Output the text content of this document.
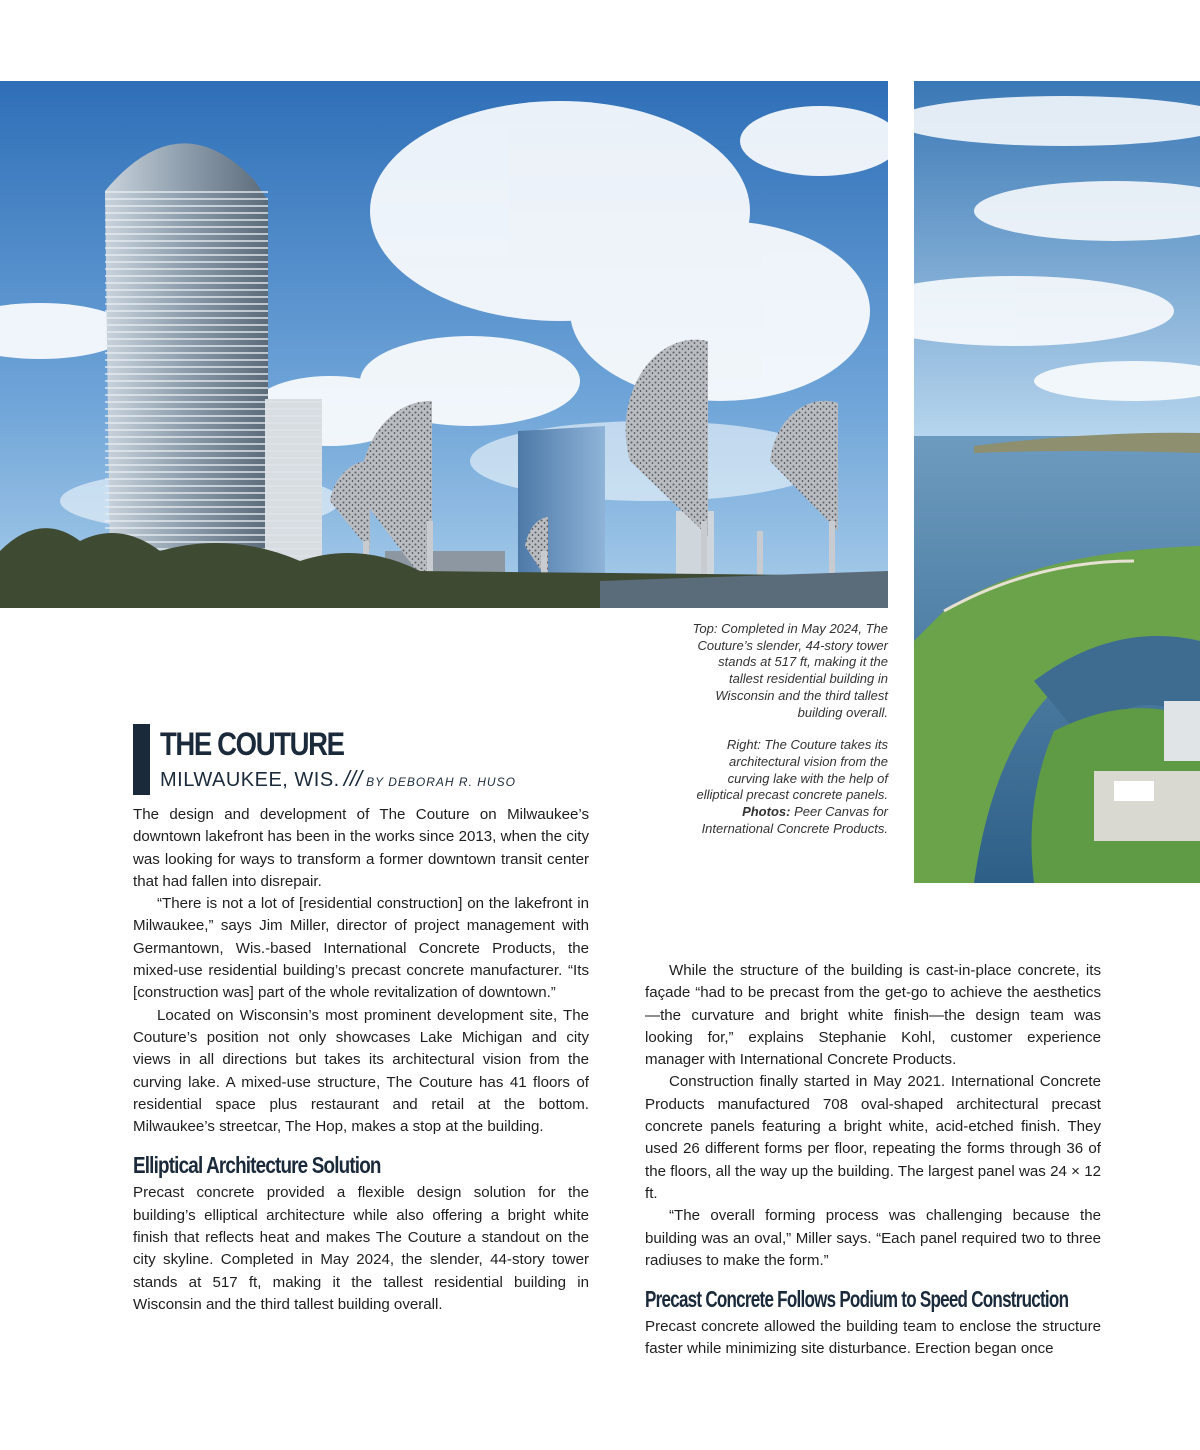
Top: Completed in May 2024, The Couture’s slender, 44-story tower stands at 517 ft, making it the tallest residential building in Wisconsin and the third tallest building overall.

Right: The Couture takes its architectural vision from the curving lake with the help of elliptical precast concrete panels. Photos: Peer Canvas for International Concrete Products.

THE COUTURE
MILWAUKEE, WIS. /// BY DEBORAH R. HUSO

The design and development of The Couture on Milwaukee’s downtown lakefront has been in the works since 2013, when the city was looking for ways to transform a former downtown transit center that had fallen into disrepair.

“There is not a lot of [residential construction] on the lakefront in Milwaukee,” says Jim Miller, director of project management with Germantown, Wis.-based International Concrete Products, the mixed-use residential building’s precast concrete manufacturer. “Its [construction was] part of the whole revitalization of downtown.”

Located on Wisconsin’s most prominent development site, The Couture’s position not only showcases Lake Michigan and city views in all directions but takes its architectural vision from the curving lake. A mixed-use structure, The Couture has 41 floors of residential space plus restaurant and retail at the bottom. Milwaukee’s streetcar, The Hop, makes a stop at the building.

Elliptical Architecture Solution

Precast concrete provided a flexible design solution for the building’s elliptical architecture while also offering a bright white finish that reflects heat and makes The Couture a standout on the city skyline. Completed in May 2024, the slender, 44-story tower stands at 517 ft, making it the tallest residential building in Wisconsin and the third tallest building overall.

While the structure of the building is cast-in-place concrete, its façade “had to be precast from the get-go to achieve the aesthetics—the curvature and bright white finish—the design team was looking for,” explains Stephanie Kohl, customer experience manager with International Concrete Products.

Construction finally started in May 2021. International Concrete Products manufactured 708 oval-shaped architectural precast concrete panels featuring a bright white, acid-etched finish. They used 26 different forms per floor, repeating the forms through 36 of the floors, all the way up the building. The largest panel was 24 × 12 ft.

“The overall forming process was challenging because the building was an oval,” Miller says. “Each panel required two to three radiuses to make the form.”

Precast Concrete Follows Podium to Speed Construction

Precast concrete allowed the building team to enclose the structure faster while minimizing site disturbance. Erection began once
